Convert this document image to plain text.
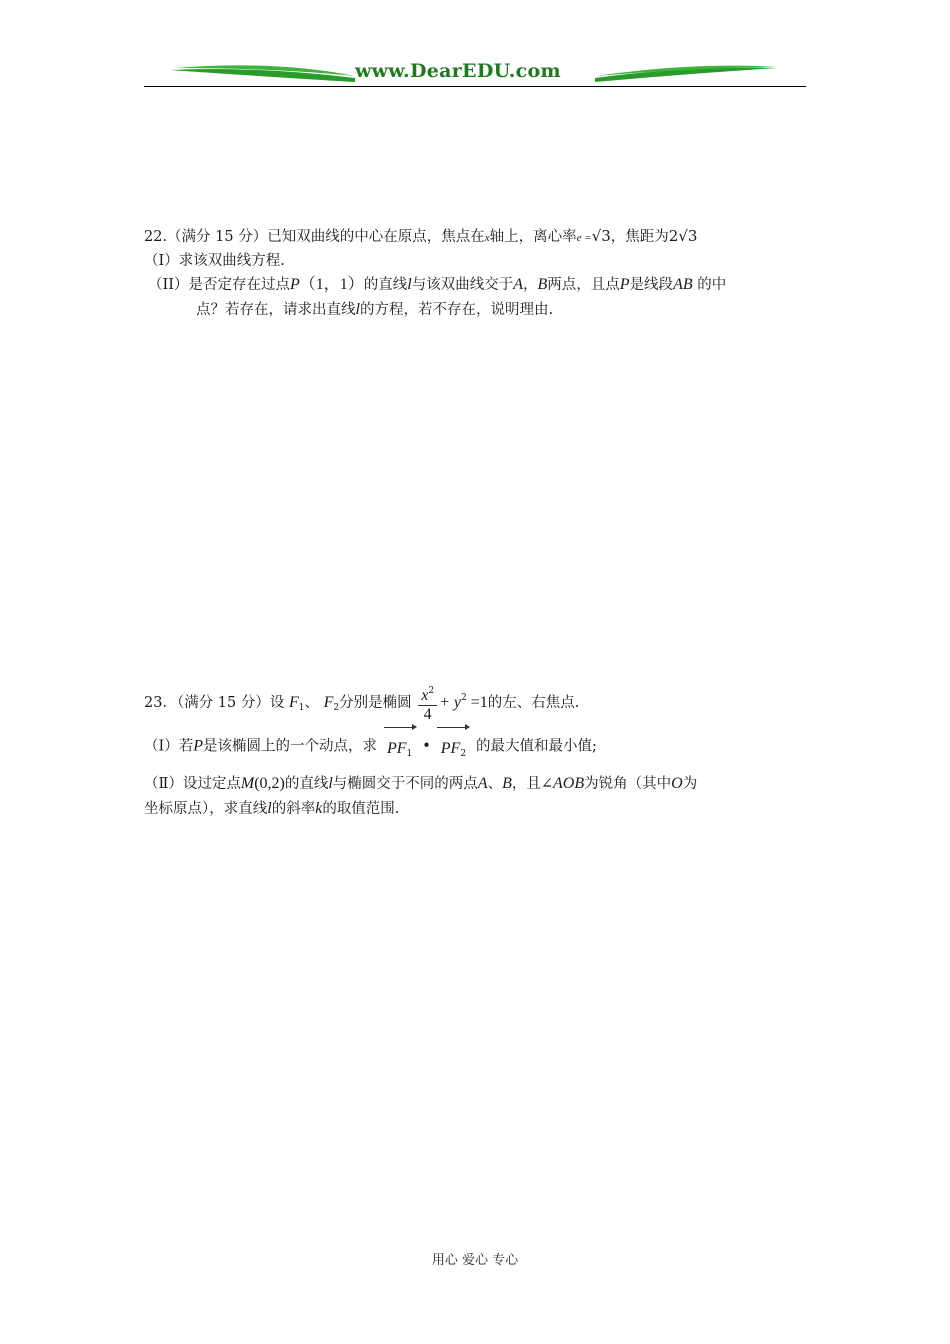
www.DearEDU.com
22.（满分 15 分）已知双曲线的中心在原点，焦点在x轴上，离心率e =√3，焦距为2√3
（I）求该双曲线方程.
（II）是否定存在过点P（1，1）的直线l与该双曲线交于A，B两点，且点P是线段AB 的中
点？若存在，请求出直线l的方程，若不存在，说明理由.
23．（满分 15 分）设 $F_1$、 $F_2$分别是椭圆 $\frac{x^2}{4} + y^2 =1$的左、右焦点.
（Ⅰ）若P是该椭圆上的一个动点，求 $PF_1$ • $PF_2$ 的最大值和最小值;
（Ⅱ）设过定点M(0,2)的直线l与椭圆交于不同的两点A、B，且∠AOB为锐角（其中O为
坐标原点），求直线l的斜率k的取值范围.
用心 爱心 专心
